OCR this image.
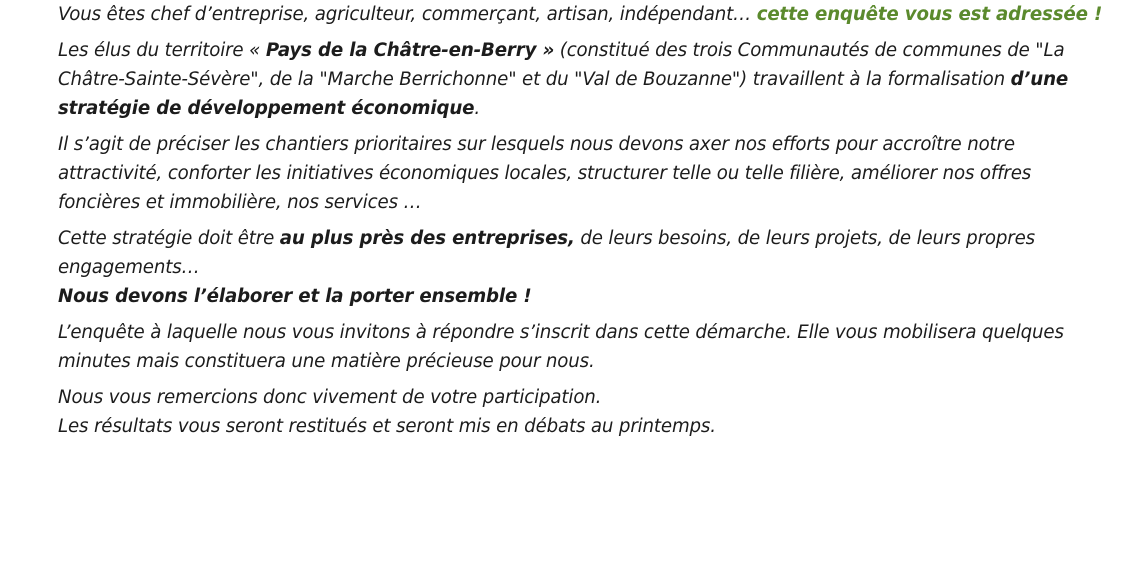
Vous êtes chef d’entreprise, agriculteur, commerçant, artisan, indépendant… cette enquête vous est adressée !

Les élus du territoire « Pays de la Châtre-en-Berry » (constitué des trois Communautés de communes de "La Châtre-Sainte-Sévère", de la "Marche Berrichonne" et du "Val de Bouzanne") travaillent à la formalisation d’une stratégie de développement économique.

Il s’agit de préciser les chantiers prioritaires sur lesquels nous devons axer nos efforts pour accroître notre attractivité, conforter les initiatives économiques locales, structurer telle ou telle filière, améliorer nos offres foncières et immobilière, nos services …

Cette stratégie doit être au plus près des entreprises, de leurs besoins, de leurs projets, de leurs propres engagements…
Nous devons l’élaborer et la porter ensemble !

L’enquête à laquelle nous vous invitons à répondre s’inscrit dans cette démarche. Elle vous mobilisera quelques minutes mais constituera une matière précieuse pour nous.

Nous vous remercions donc vivement de votre participation.
Les résultats vous seront restitués et seront mis en débats au printemps.
